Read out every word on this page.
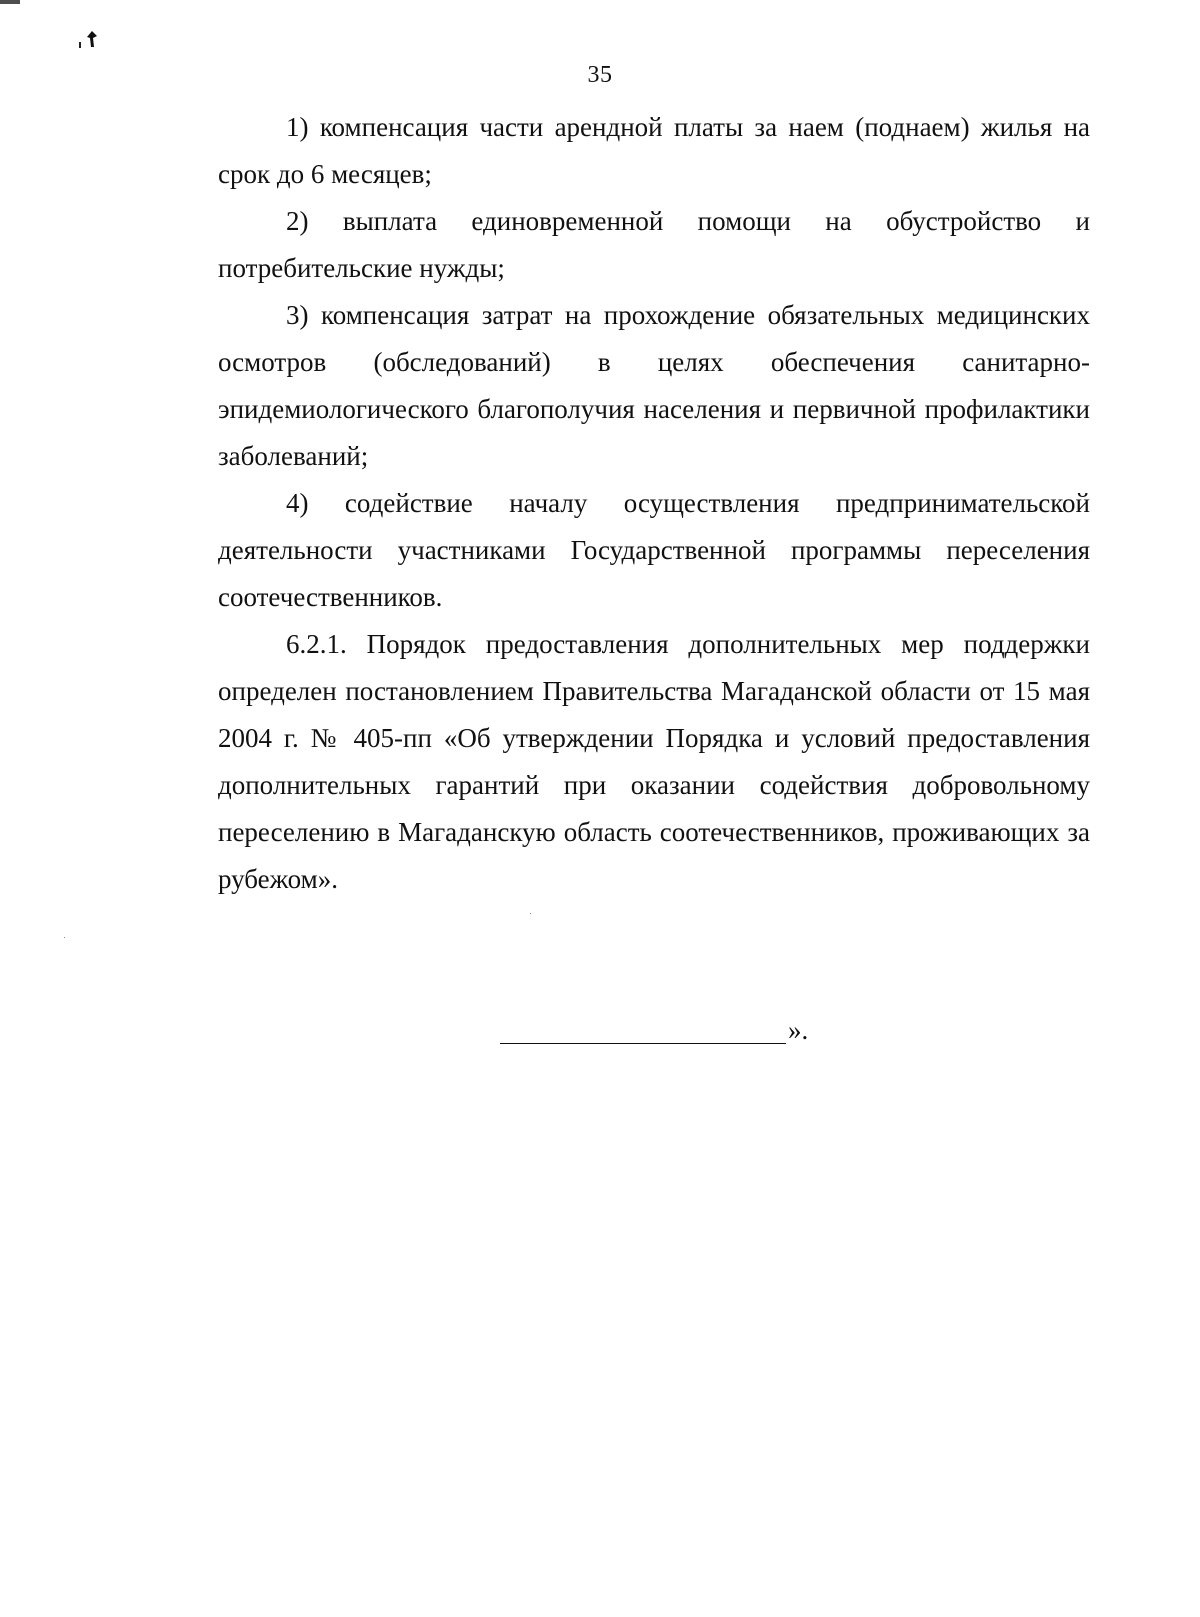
35

1) компенсация части арендной платы за наем (поднаем) жилья на срок до 6 месяцев;

2) выплата единовременной помощи на обустройство и потребительские нужды;

3) компенсация затрат на прохождение обязательных медицинских осмотров (обследований) в целях обеспечения санитарно-эпидемиологического благополучия населения и первичной профилактики заболеваний;

4) содействие началу осуществления предпринимательской деятельности участниками Государственной программы переселения соотечественников.

6.2.1. Порядок предоставления дополнительных мер поддержки определен постановлением Правительства Магаданской области от 15 мая 2004 г. № 405-пп «Об утверждении Порядка и условий предоставления дополнительных гарантий при оказании содействия добровольному переселению в Магаданскую область соотечественников, проживающих за рубежом».

».
